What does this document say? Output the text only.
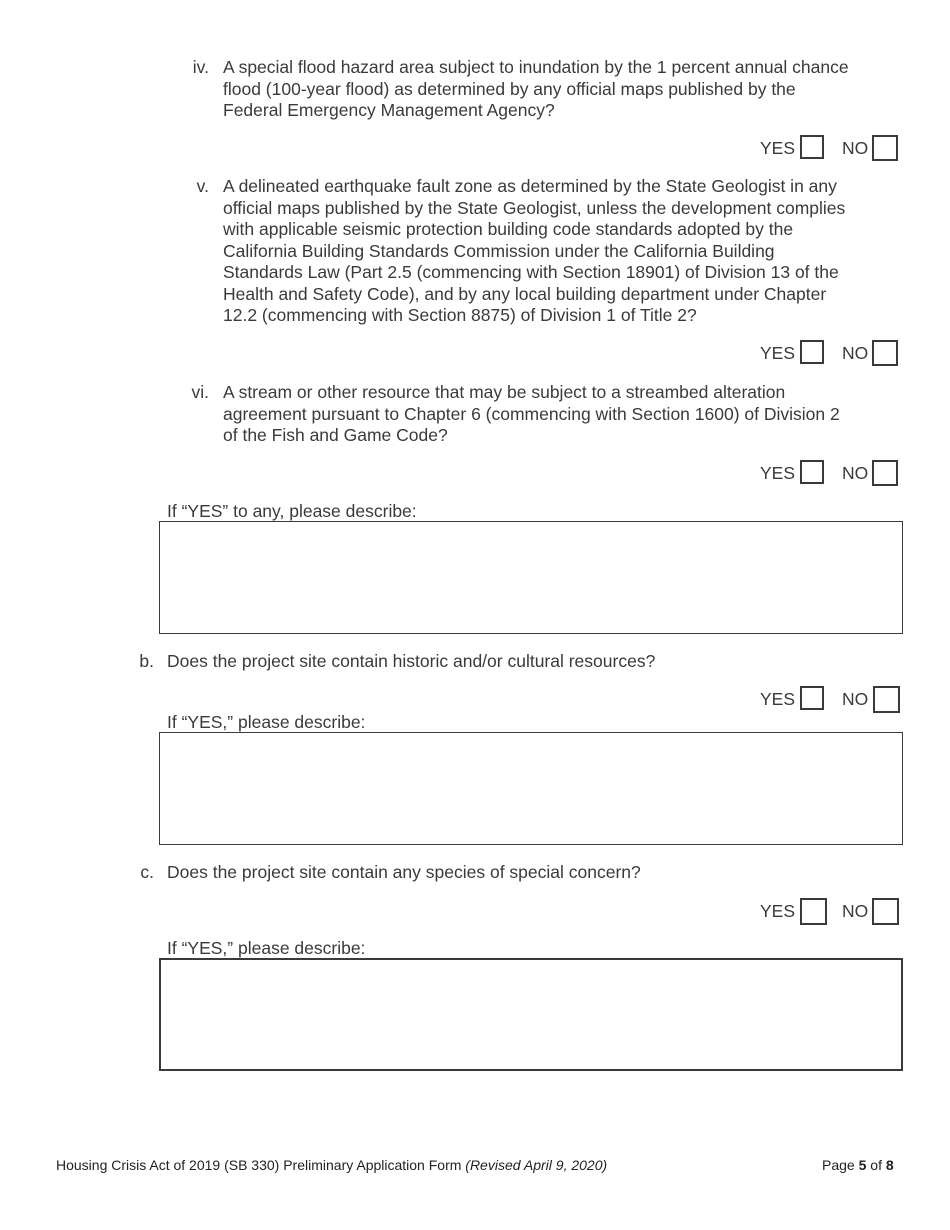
iv. A special flood hazard area subject to inundation by the 1 percent annual chance
flood (100-year flood) as determined by any official maps published by the
Federal Emergency Management Agency?
YES	NO
v. A delineated earthquake fault zone as determined by the State Geologist in any
official maps published by the State Geologist, unless the development complies
with applicable seismic protection building code standards adopted by the
California Building Standards Commission under the California Building
Standards Law (Part 2.5 (commencing with Section 18901) of Division 13 of the
Health and Safety Code), and by any local building department under Chapter
12.2 (commencing with Section 8875) of Division 1 of Title 2?
YES	NO
vi. A stream or other resource that may be subject to a streambed alteration
agreement pursuant to Chapter 6 (commencing with Section 1600) of Division 2
of the Fish and Game Code?
YES	NO
If “YES” to any, please describe:
b. Does the project site contain historic and/or cultural resources?
YES	NO
If “YES,” please describe:
c. Does the project site contain any species of special concern?
YES	NO
If “YES,” please describe:
Housing Crisis Act of 2019 (SB 330) Preliminary Application Form (Revised April 9, 2020)	Page 5 of 8
